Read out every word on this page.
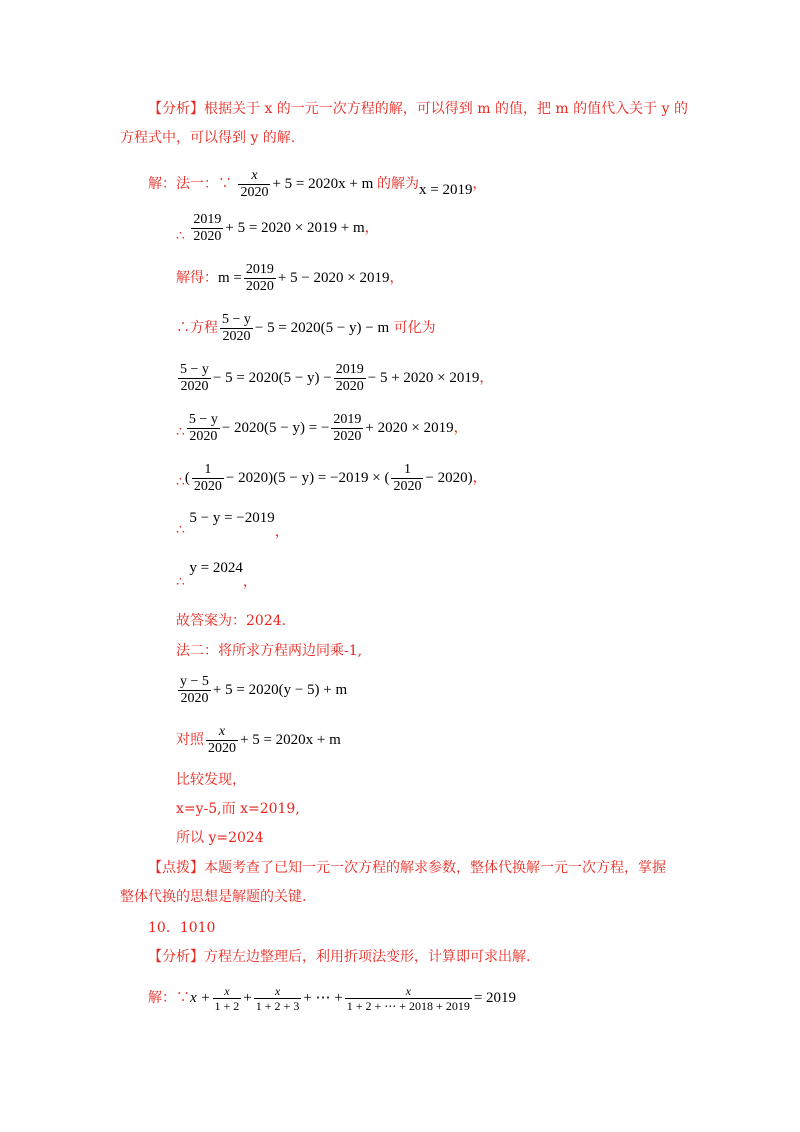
【分析】根据关于 x 的一元一次方程的解，可以得到 m 的值，把 m 的值代入关于 y 的
方程式中，可以得到 y 的解.
解：法一：∵ $\frac{x}{2020} + 5 = 2020x + m$ 的解为x = 2019，
∴ $\frac{2019}{2020} + 5 = 2020 \times 2019 + m$，
解得：$m = \frac{2019}{2020} + 5 - 2020 \times 2019$，
∴方程 $\frac{5 - y}{2020} - 5 = 2020(5 - y) - m$ 可化为
$\frac{5 - y}{2020} - 5 = 2020(5 - y) - \frac{2019}{2020} - 5 + 2020 \times 2019$，
∴ $\frac{5 - y}{2020} - 2020(5 - y)$ = − $\frac{2019}{2020} + 2020 \times 2019$，
∴( $\frac{1}{2020} - 2020)(5 - y) = -2019$ × ( $\frac{1}{2020} - 2020$)，
∴ 5 − y = −2019，
∴ y = 2024，
故答案为：2024.
法二：将所求方程两边同乘-1,
$\frac{y - 5}{2020} + 5 = 2020(y - 5) + m$
对照 $\frac{x}{2020} + 5 = 2020x + m$
比较发现，
x=y-5,而 x=2019,
所以 y=2024
【点拨】本题考查了已知一元一次方程的解求参数，整体代换解一元一次方程，掌握
整体代换的思想是解题的关键.
10．1010
【分析】方程左边整理后，利用折项法变形，计算即可求出解.
解：∵x + $\frac{x}{1 + 2} + \frac{x}{1 + 2 + 3}$ + ⋯ + $\frac{x}{1 + 2 + \cdots + 2018 + 2019} = 2019$
